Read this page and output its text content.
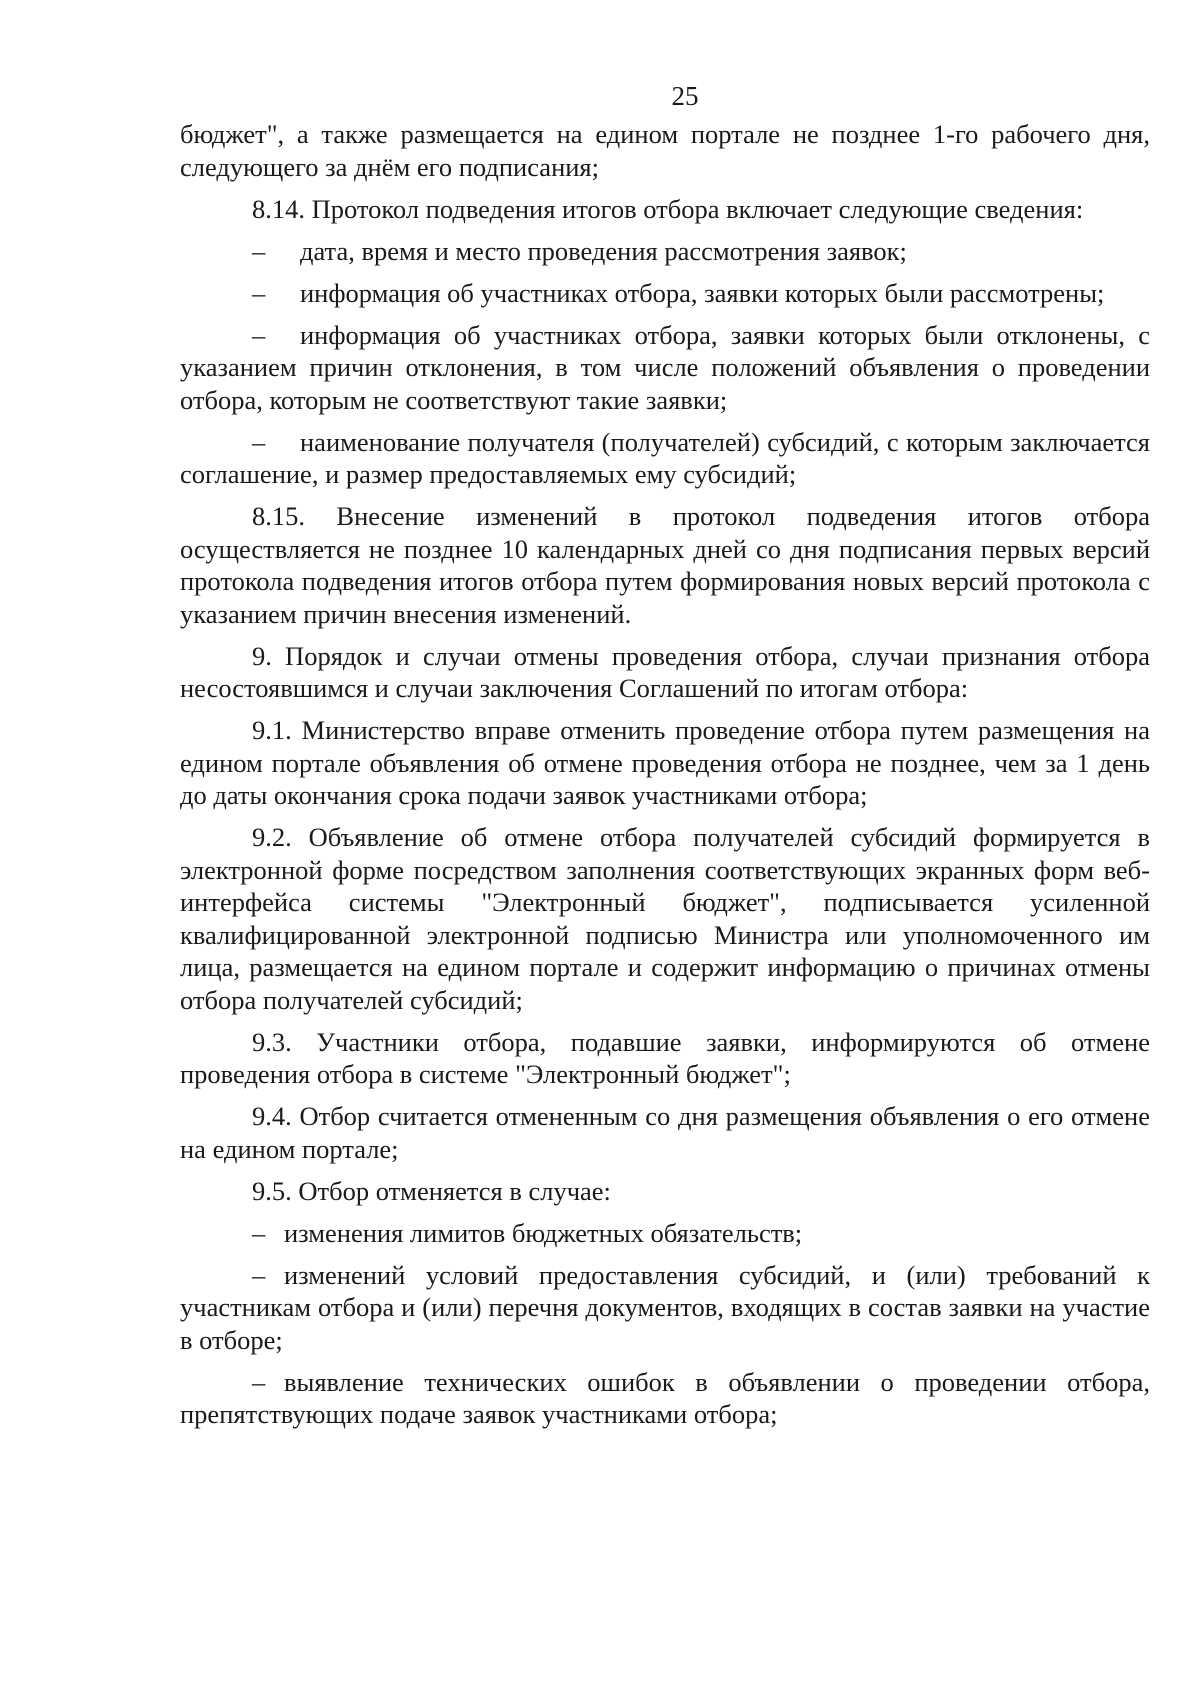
25

бюджет", а также размещается на едином портале не позднее 1-го рабочего дня, следующего за днём его подписания;

8.14. Протокол подведения итогов отбора включает следующие сведения:

– дата, время и место проведения рассмотрения заявок;

– информация об участниках отбора, заявки которых были рассмотрены;

– информация об участниках отбора, заявки которых были отклонены, с указанием причин отклонения, в том числе положений объявления о проведении отбора, которым не соответствуют такие заявки;

– наименование получателя (получателей) субсидий, с которым заключается соглашение, и размер предоставляемых ему субсидий;

8.15. Внесение изменений в протокол подведения итогов отбора осуществляется не позднее 10 календарных дней со дня подписания первых версий протокола подведения итогов отбора путем формирования новых версий протокола с указанием причин внесения изменений.

9. Порядок и случаи отмены проведения отбора, случаи признания отбора несостоявшимся и случаи заключения Соглашений по итогам отбора:

9.1. Министерство вправе отменить проведение отбора путем размещения на едином портале объявления об отмене проведения отбора не позднее, чем за 1 день до даты окончания срока подачи заявок участниками отбора;

9.2. Объявление об отмене отбора получателей субсидий формируется в электронной форме посредством заполнения соответствующих экранных форм веб-интерфейса системы "Электронный бюджет", подписывается усиленной квалифицированной электронной подписью Министра или уполномоченного им лица, размещается на едином портале и содержит информацию о причинах отмены отбора получателей субсидий;

9.3. Участники отбора, подавшие заявки, информируются об отмене проведения отбора в системе "Электронный бюджет";

9.4. Отбор считается отмененным со дня размещения объявления о его отмене на едином портале;

9.5. Отбор отменяется в случае:

– изменения лимитов бюджетных обязательств;

– изменений условий предоставления субсидий, и (или) требований к участникам отбора и (или) перечня документов, входящих в состав заявки на участие в отборе;

– выявление технических ошибок в объявлении о проведении отбора, препятствующих подаче заявок участниками отбора;
